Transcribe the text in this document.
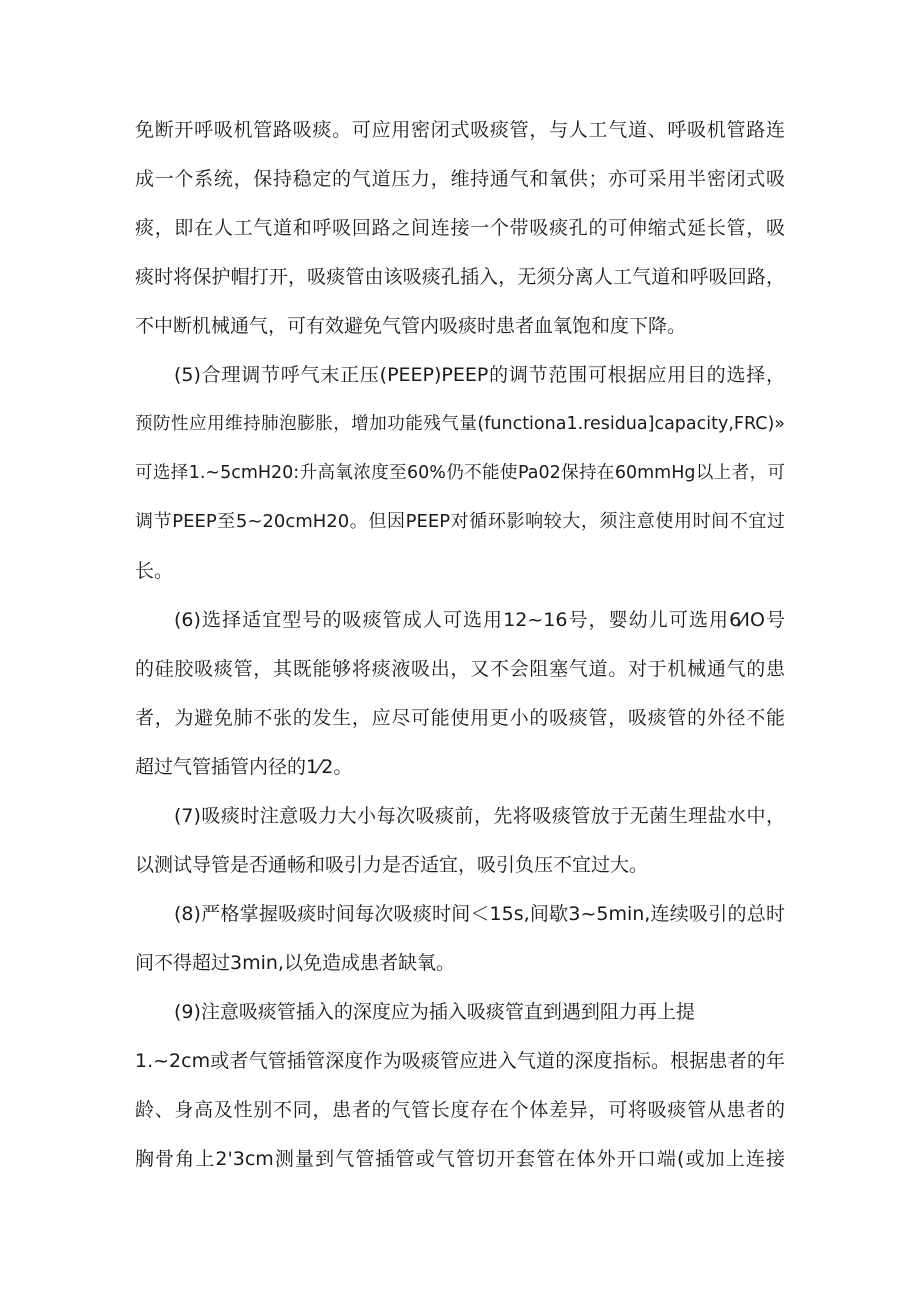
免断开呼吸机管路吸痰。可应用密闭式吸痰管，与人工气道、呼吸机管路连
成一个系统，保持稳定的气道压力，维持通气和氧供；亦可采用半密闭式吸
痰，即在人工气道和呼吸回路之间连接一个带吸痰孔的可伸缩式延长管，吸
痰时将保护帽打开，吸痰管由该吸痰孔插入，无须分离人工气道和呼吸回路，
不中断机械通气，可有效避免气管内吸痰时患者血氧饱和度下降。
(5)合理调节呼气末正压(PEEP)PEEP的调节范围可根据应用目的选择，
预防性应用维持肺泡膨胀，增加功能残气量(functiona1.residua]capacity,FRC)»
可选择1.~5cmH20:升高氧浓度至60%仍不能使Pa02保持在60mmHg以上者，可
调节PEEP至5~20cmH20。但因PEEP对循环影响较大，须注意使用时间不宜过
长。
(6)选择适宜型号的吸痰管成人可选用12~16号，婴幼儿可选用6⁄IO号
的硅胶吸痰管，其既能够将痰液吸出，又不会阻塞气道。对于机械通气的患
者，为避免肺不张的发生，应尽可能使用更小的吸痰管，吸痰管的外径不能
超过气管插管内径的1⁄2。
(7)吸痰时注意吸力大小每次吸痰前，先将吸痰管放于无菌生理盐水中，
以测试导管是否通畅和吸引力是否适宜，吸引负压不宜过大。
(8)严格掌握吸痰时间每次吸痰时间＜15s,间歇3~5min,连续吸引的总时
间不得超过3min,以免造成患者缺氧。
(9)注意吸痰管插入的深度应为插入吸痰管直到遇到阻力再上提
1.~2cm或者气管插管深度作为吸痰管应进入气道的深度指标。根据患者的年
龄、身高及性别不同，患者的气管长度存在个体差异，可将吸痰管从患者的
胸骨角上2'3cm测量到气管插管或气管切开套管在体外开口端(或加上连接
